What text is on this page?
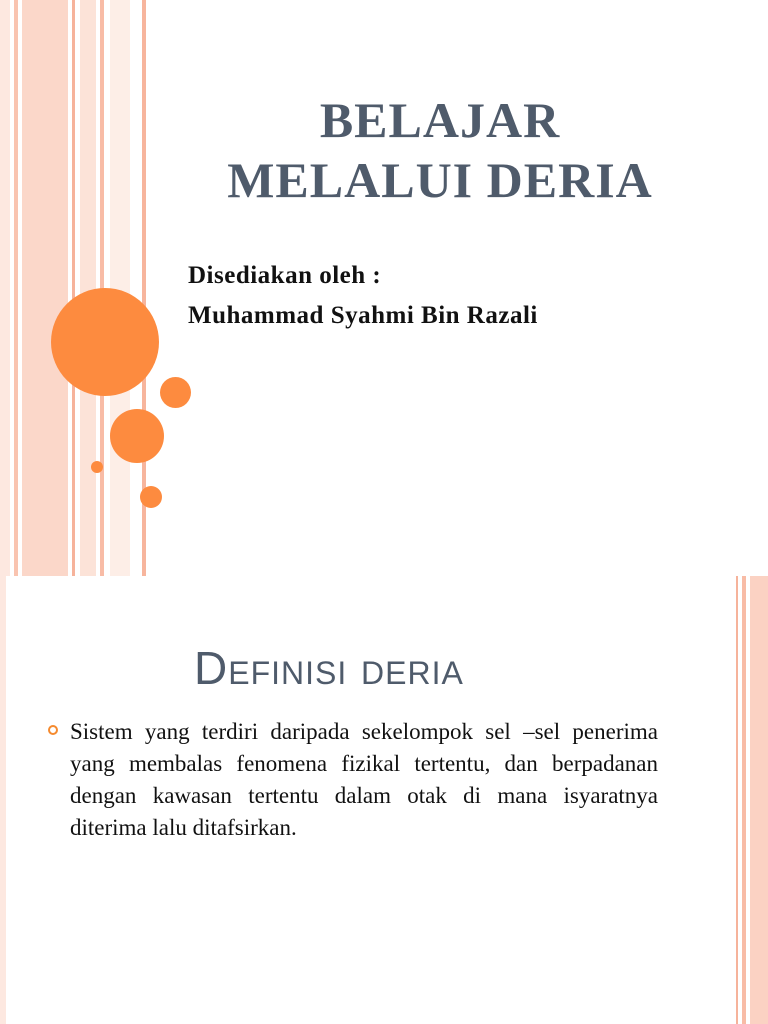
BELAJAR
MELALUI DERIA
Disediakan oleh :
Muhammad Syahmi Bin Razali
Definisi deria
Sistem yang terdiri daripada sekelompok sel –sel penerima yang membalas fenomena fizikal tertentu, dan berpadanan dengan kawasan tertentu dalam otak di mana isyaratnya diterima lalu ditafsirkan.
